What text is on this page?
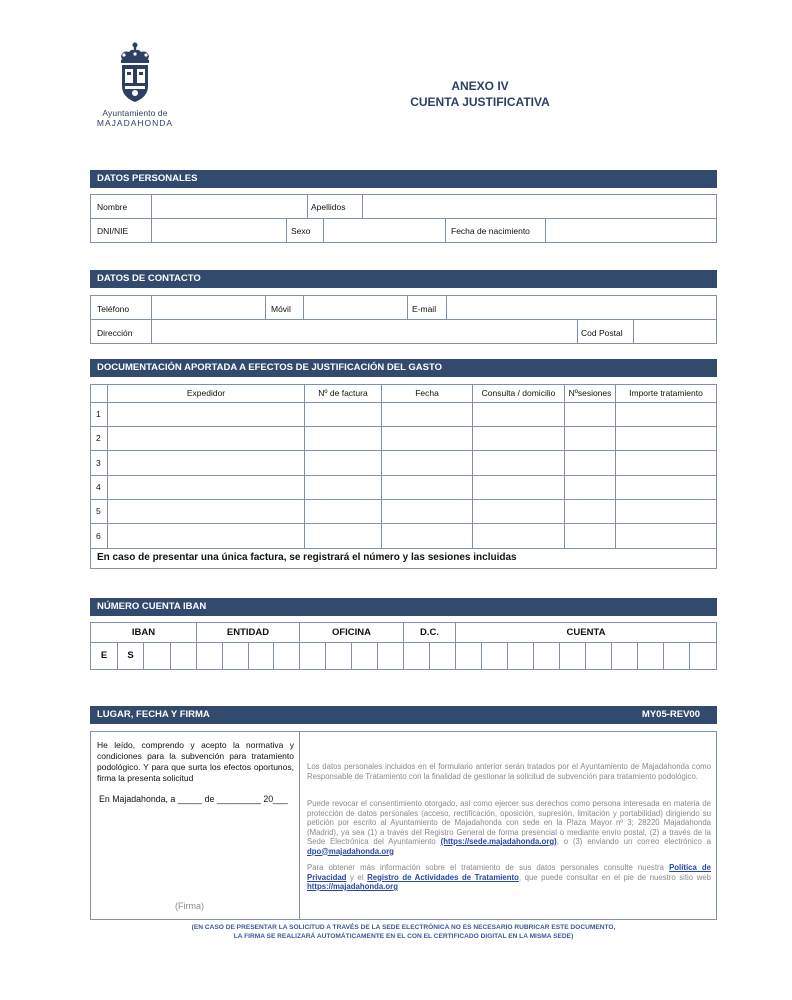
Ayuntamiento de
MAJADAHONDA
ANEXO IV
CUENTA JUSTIFICATIVA
DATOS PERSONALES
Nombre	Apellidos
DNI/NIE	Sexo	Fecha de nacimiento
DATOS DE CONTACTO
Teléfono	Móvil	E-mail
Dirección	Cod Postal
DOCUMENTACIÓN APORTADA A EFECTOS DE JUSTIFICACIÓN DEL GASTO
Expedidor	Nº de factura	Fecha	Consulta / domicilio	Nºsesiones	Importe tratamiento
1
2
3
4
5
6
En caso de presentar una única factura, se registrará el número y las sesiones incluidas
NÚMERO CUENTA IBAN
IBAN	ENTIDAD	OFICINA	D.C.	CUENTA
E	S
LUGAR, FECHA Y FIRMA	MY05-REV00
He leído, comprendo y acepto la normativa y condiciones para la subvención para tratamiento podológico. Y para que surta los efectos oportunos, firma la presenta solicitud
En Majadahonda, a _____ de _________ 20___
(Firma)
Los datos personales incluidos en el formulario anterior serán tratados por el Ayuntamiento de Majadahonda como Responsable de Tratamiento con la finalidad de gestionar la solicitud de subvención para tratamiento podológico.
Puede revocar el consentimiento otorgado, así como ejercer sus derechos como persona interesada en materia de protección de datos personales (acceso, rectificación, oposición, supresión, limitación y portabilidad) dirigiendo su petición por escrito al Ayuntamiento de Majadahonda con sede en la Plaza Mayor nº 3; 28220 Majadahonda (Madrid), ya sea (1) a través del Registro General de forma presencial o mediante envío postal, (2) a través de la Sede Electrónica del Ayuntamiento (https://sede.majadahonda.org), o (3) enviando un correo electrónico a dpo@majadahonda.org
Para obtener más información sobre el tratamiento de sus datos personales consulte nuestra Política de Privacidad y el Registro de Actividades de Tratamiento, que puede consultar en el pie de nuestro sitio web https://majadahonda.org
(EN CASO DE PRESENTAR LA SOLICITUD A TRAVÉS DE LA SEDE ELECTRÓNICA NO ES NECESARIO RUBRICAR ESTE DOCUMENTO,
LA FIRMA SE REALIZARÁ AUTOMÁTICAMENTE EN EL CON EL CERTIFICADO DIGITAL EN LA MISMA SEDE)
